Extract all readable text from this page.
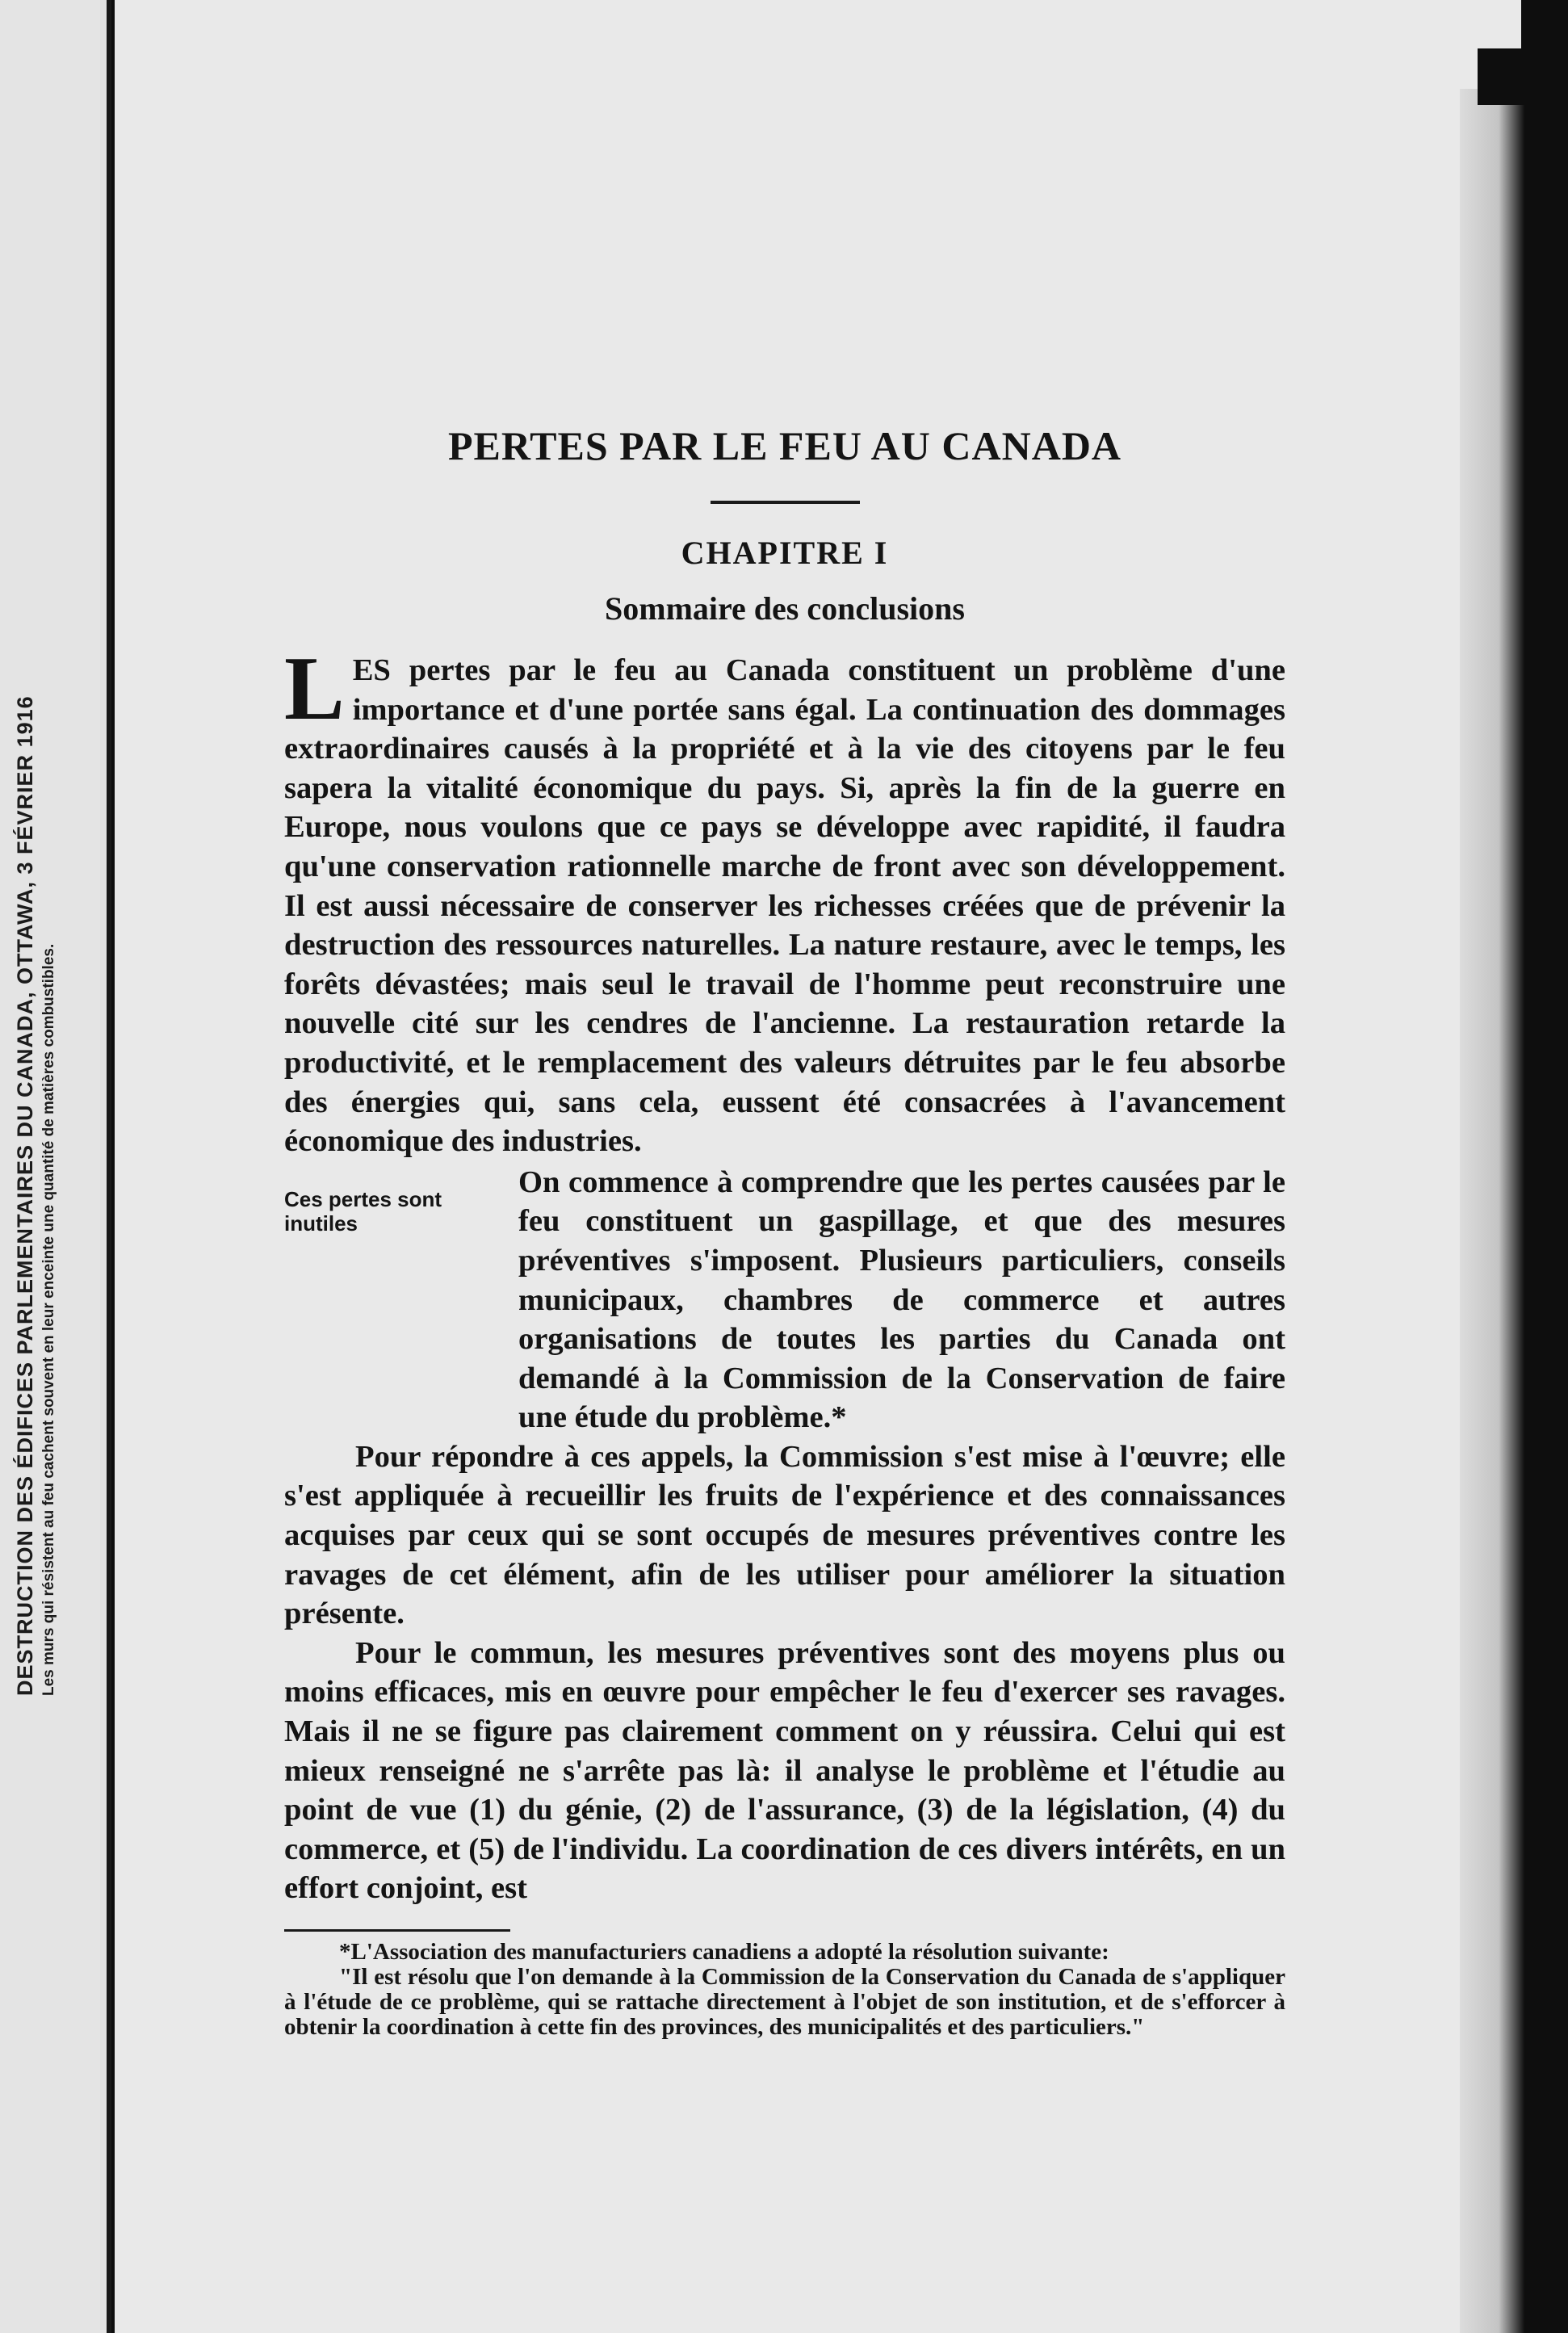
DESTRUCTION DES ÉDIFICES PARLEMENTAIRES DU CANADA, OTTAWA, 3 FÉVRIER 1916 Les murs qui résistent au feu cachent souvent en leur enceinte une quantité de matières combustibles.
PERTES PAR LE FEU AU CANADA
CHAPITRE I
Sommaire des conclusions

LES pertes par le feu au Canada constituent un problème d'une importance et d'une portée sans égal. La continuation des dommages extraordinaires causés à la propriété et à la vie des citoyens par le feu sapera la vitalité économique du pays. Si, après la fin de la guerre en Europe, nous voulons que ce pays se développe avec rapidité, il faudra qu'une conservation rationnelle marche de front avec son développement. Il est aussi nécessaire de conserver les richesses créées que de prévenir la destruction des ressources naturelles. La nature restaure, avec le temps, les forêts dévastées; mais seul le travail de l'homme peut reconstruire une nouvelle cité sur les cendres de l'ancienne. La restauration retarde la productivité, et le remplacement des valeurs détruites par le feu absorbe des énergies qui, sans cela, eussent été consacrées à l'avancement économique des industries.

Ces pertes sont inutiles

On commence à comprendre que les pertes causées par le feu constituent un gaspillage, et que des mesures préventives s'imposent. Plusieurs particuliers, conseils municipaux, chambres de commerce et autres organisations de toutes les parties du Canada ont demandé à la Commission de la Conservation de faire une étude du problème.*

Pour répondre à ces appels, la Commission s'est mise à l'œuvre; elle s'est appliquée à recueillir les fruits de l'expérience et des connaissances acquises par ceux qui se sont occupés de mesures préventives contre les ravages de cet élément, afin de les utiliser pour améliorer la situation présente.

Pour le commun, les mesures préventives sont des moyens plus ou moins efficaces, mis en œuvre pour empêcher le feu d'exercer ses ravages. Mais il ne se figure pas clairement comment on y réussira. Celui qui est mieux renseigné ne s'arrête pas là: il analyse le problème et l'étudie au point de vue (1) du génie, (2) de l'assurance, (3) de la législation, (4) du commerce, et (5) de l'individu. La coordination de ces divers intérêts, en un effort conjoint, est

*L'Association des manufacturiers canadiens a adopté la résolution suivante:

"Il est résolu que l'on demande à la Commission de la Conservation du Canada de s'appliquer à l'étude de ce problème, qui se rattache directement à l'objet de son institution, et de s'efforcer à obtenir la coordination à cette fin des provinces, des municipalités et des particuliers."
